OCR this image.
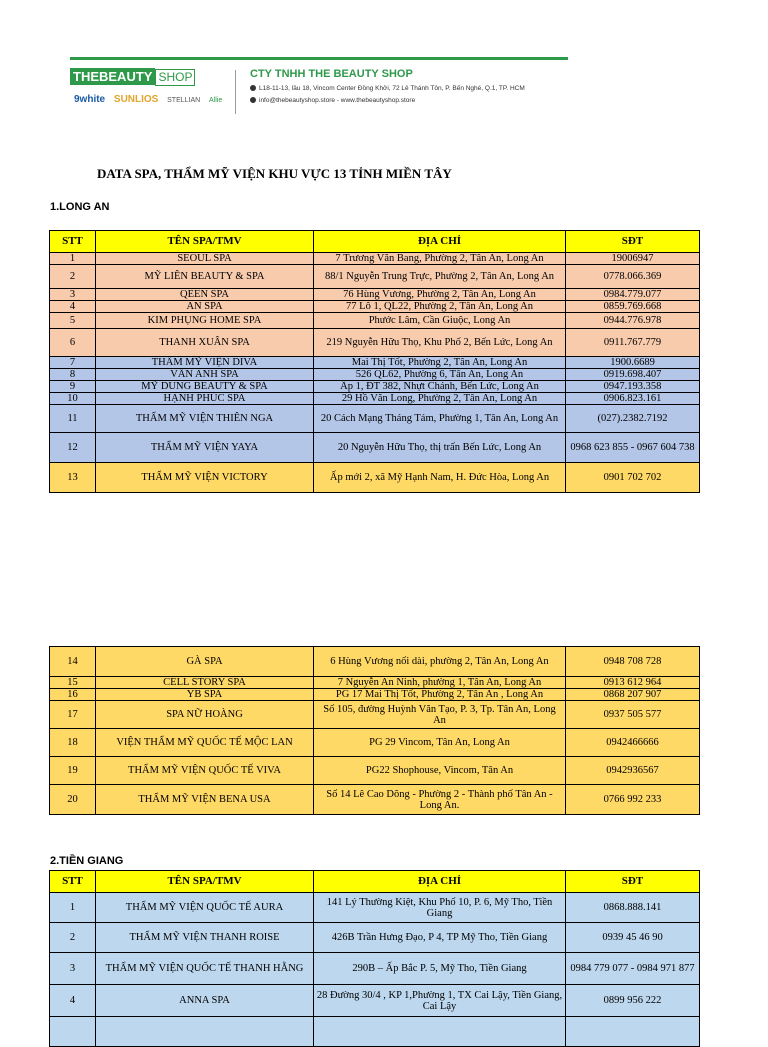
THEBEAUTY SHOP
9white SUNLIOS STELLIAN Allie
CTY TNHH THE BEAUTY SHOP
L18-11-13, lầu 18, Vincom Center Đồng Khởi, 72 Lê Thánh Tôn, P. Bến Nghé, Q.1, TP. HCM
info@thebeautyshop.store - www.thebeautyshop.store
DATA SPA, THẨM MỸ VIỆN KHU VỰC 13 TỈNH MIỀN TÂY
1.LONG AN
STT	TÊN SPA/TMV	ĐỊA CHỈ	SĐT
1	SEOUL SPA	7 Trương Văn Bang, Phường 2, Tân An, Long An	19006947
2	MỸ LIÊN BEAUTY & SPA	88/1 Nguyễn Trung Trực, Phường 2, Tân An, Long An	0778.066.369
3	QEEN SPA	76 Hùng Vương, Phường 2, Tân An, Long An	0984.779.077
4	AN SPA	77 Lô 1, QL22, Phường 2, Tân An, Long An	0859.769.668
5	KIM PHỤNG HOME SPA	Phước Lâm, Cần Giuộc, Long An	0944.776.978
6	THANH XUÂN SPA	219 Nguyễn Hữu Thọ, Khu Phố 2, Bến Lức, Long An	0911.767.779
7	THẨM MỸ VIỆN DIVA	Mai Thị Tốt, Phường 2, Tân An, Long An	1900.6689
8	VÂN ANH SPA	526 QL62, Phường 6, Tân An, Long An	0919.698.407
9	MỸ DUNG BEAUTY & SPA	Ấp 1, ĐT 382, Nhựt Chánh, Bến Lức, Long An	0947.193.358
10	HẠNH PHÚC SPA	29 Hồ Văn Long, Phường 2, Tân An, Long An	0906.823.161
11	THẨM MỸ VIỆN THIÊN NGA	20 Cách Mạng Tháng Tám, Phường 1, Tân An, Long An	(027).2382.7192
12	THẨM MỸ VIỆN YAYA	20 Nguyễn Hữu Thọ, thị trấn Bến Lức, Long An	0968 623 855 - 0967 604 738
13	THẨM MỸ VIỆN VICTORY	Ấp mới 2, xã Mỹ Hạnh Nam, H. Đức Hòa, Long An	0901 702 702
14	GÀ SPA	6 Hùng Vương nối dài, phường 2, Tân An, Long An	0948 708 728
15	CELL STORY SPA	7 Nguyễn An Ninh, phường 1, Tân An, Long An	0913 612 964
16	YB SPA	PG 17 Mai Thị Tốt, Phường 2, Tân An , Long An	0868 207 907
17	SPA NỮ HOÀNG	Số 105, đường Huỳnh Văn Tạo, P. 3, Tp. Tân An, Long An	0937 505 577
18	VIỆN THẨM MỸ QUỐC TẾ MỘC LAN	PG 29 Vincom, Tân An, Long An	0942466666
19	THẨM MỸ VIỆN QUỐC TẾ VIVA	PG22 Shophouse, Vincom, Tân An	0942936567
20	THẨM MỸ VIỆN BENA USA	Số 14 Lê Cao Dõng - Phường 2 - Thành phố Tân An - Long An.	0766 992 233
2.TIỀN GIANG
STT	TÊN SPA/TMV	ĐỊA CHỈ	SĐT
1	THẨM MỸ VIỆN QUỐC TẾ AURA	141 Lý Thường Kiệt, Khu Phố 10, P. 6, Mỹ Tho, Tiền Giang	0868.888.141
2	THẨM MỸ VIỆN THANH ROISE	426B Trần Hưng Đạo, P 4, TP Mỹ Tho, Tiền Giang	0939 45 46 90
3	THẨM MỸ VIỆN QUỐC TẾ THANH HẰNG	290B – Ấp Bắc P. 5, Mỹ Tho, Tiền Giang	0984 779 077 - 0984 971 877
4	ANNA SPA	28 Đường 30/4 , KP 1,Phường 1, TX Cai Lậy, Tiền Giang, Cai Lậy	0899 956 222
